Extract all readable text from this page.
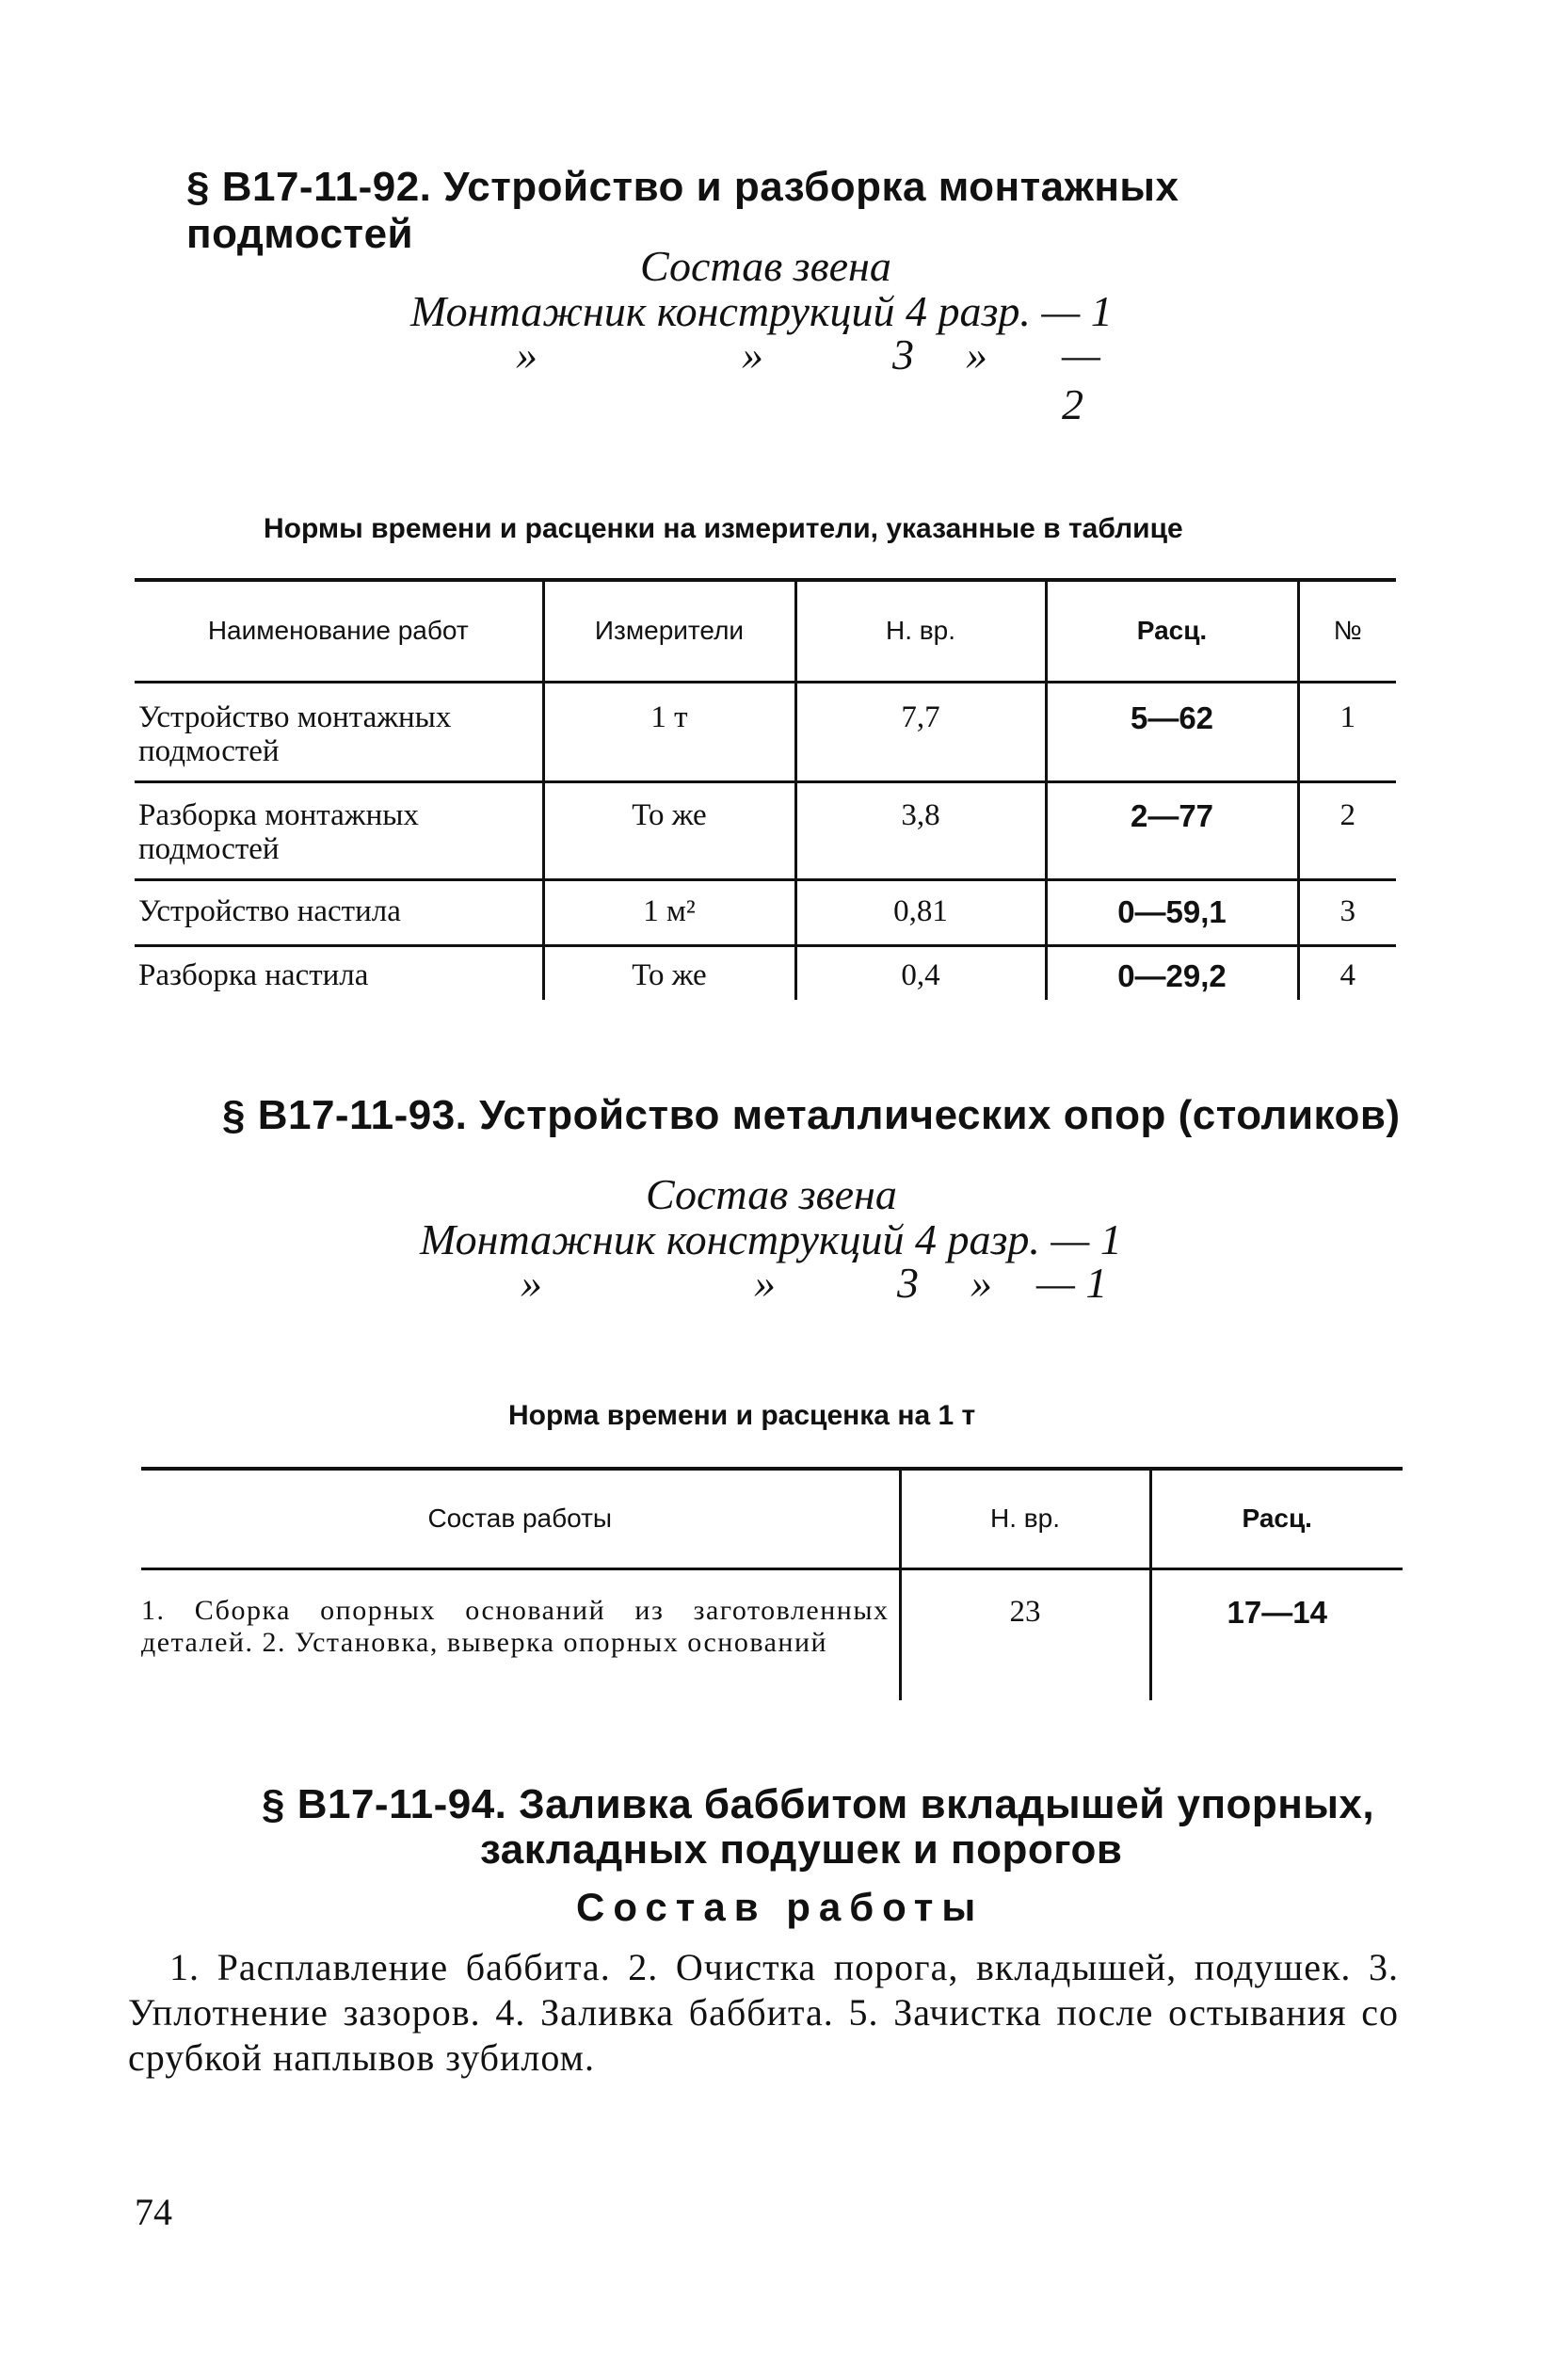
§ В17-11-92. Устройство и разборка монтажных подмостей
Состав звена
Монтажник конструкций 4 разр. — 1
»	»	3 » — 2
Нормы времени и расценки на измерители, указанные в таблице
Наименование работ	Измерители	Н. вр.	Расц.	№
Устройство монтажных подмостей	1 т	7,7	5—62	1
Разборка монтажных подмостей	То же	3,8	2—77	2
Устройство настила	1 м²	0,81	0—59,1	3
Разборка настила	То же	0,4	0—29,2	4
§ В17-11-93. Устройство металлических опор (столиков)
Состав звена
Монтажник конструкций 4 разр. — 1
»	»	3 » — 1
Норма времени и расценка на 1 т
Состав работы	Н. вр.	Расц.
1. Сборка опорных оснований из заготовленных деталей. 2. Установка, выверка опорных оснований	23	17—14
§ В17-11-94. Заливка баббитом вкладышей упорных,
закладных подушек и порогов
Состав работы
1. Расплавление баббита. 2. Очистка порога, вкладышей, подушек. 3. Уплотнение зазоров. 4. Заливка баббита. 5. Зачистка после остывания со срубкой наплывов зубилом.
74
